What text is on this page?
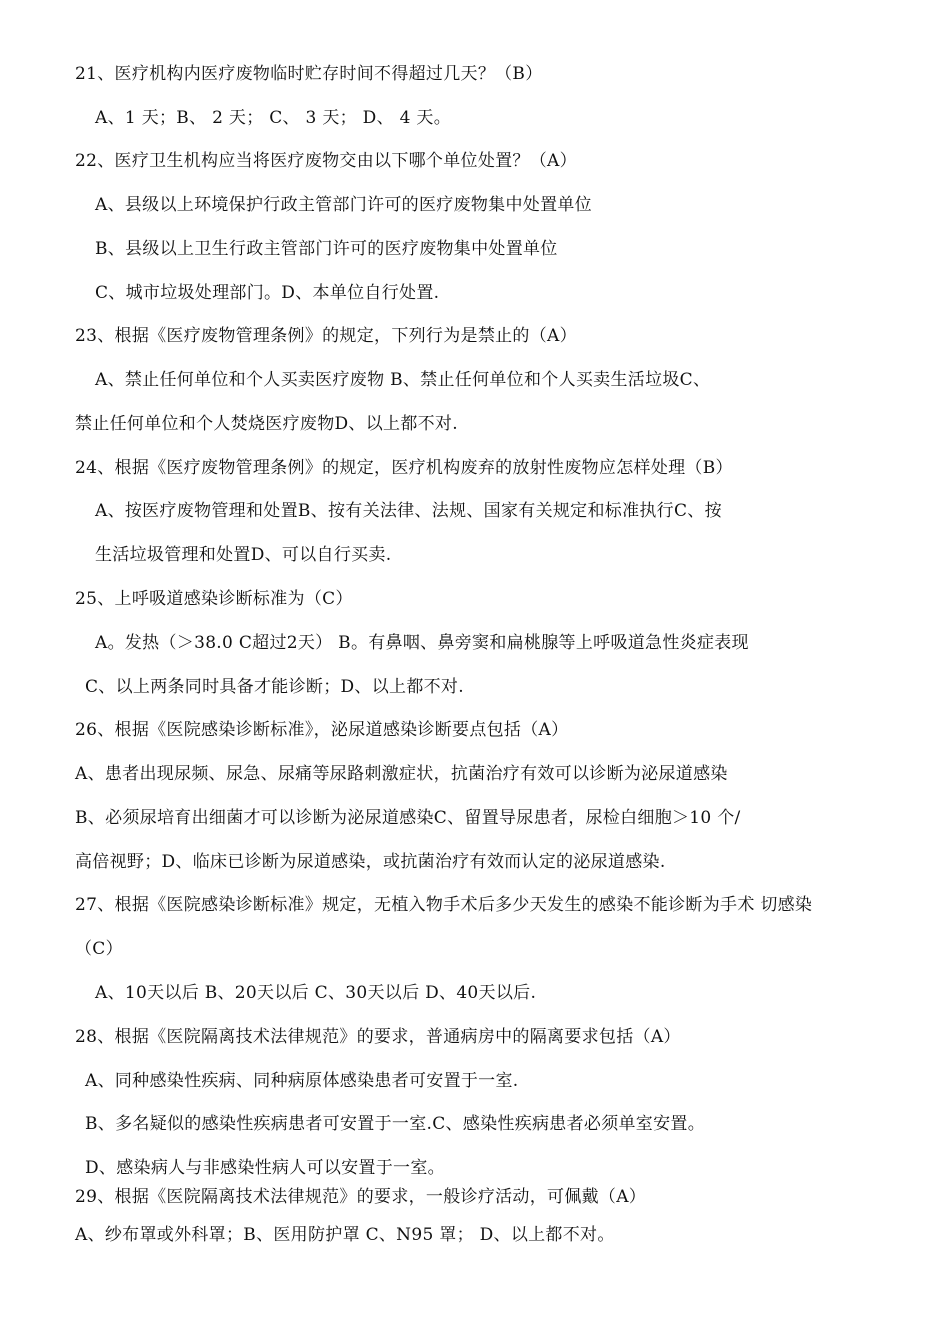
21、医疗机构内医疗废物临时贮存时间不得超过几天？（B）
A、1 天；B、 2 天； C、 3 天； D、 4 天。
22、医疗卫生机构应当将医疗废物交由以下哪个单位处置？（A）
A、县级以上环境保护行政主管部门许可的医疗废物集中处置单位
B、县级以上卫生行政主管部门许可的医疗废物集中处置单位
C、城市垃圾处理部门。D、本单位自行处置.
23、根据《医疗废物管理条例》的规定，下列行为是禁止的（A）
A、禁止任何单位和个人买卖医疗废物 B、禁止任何单位和个人买卖生活垃圾C、
禁止任何单位和个人焚烧医疗废物D、以上都不对.
24、根据《医疗废物管理条例》的规定，医疗机构废弃的放射性废物应怎样处理（B）
A、按医疗废物管理和处置B、按有关法律、法规、国家有关规定和标准执行C、按
生活垃圾管理和处置D、可以自行买卖.
25、上呼吸道感染诊断标准为（C）
A。发热（＞38.0 C超过2天） B。有鼻咽、鼻旁窦和扁桃腺等上呼吸道急性炎症表现
C、以上两条同时具备才能诊断；D、以上都不对.
26、根据《医院感染诊断标准》，泌尿道感染诊断要点包括（A）
A、患者出现尿频、尿急、尿痛等尿路刺激症状，抗菌治疗有效可以诊断为泌尿道感染
B、必须尿培育出细菌才可以诊断为泌尿道感染C、留置导尿患者，尿检白细胞＞10 个/
高倍视野；D、临床已诊断为尿道感染，或抗菌治疗有效而认定的泌尿道感染.
27、根据《医院感染诊断标准》规定，无植入物手术后多少天发生的感染不能诊断为手术 切感染
（C）
A、10天以后 B、20天以后 C、30天以后 D、40天以后.
28、根据《医院隔离技术法律规范》的要求，普通病房中的隔离要求包括（A）
A、同种感染性疾病、同种病原体感染患者可安置于一室.
B、多名疑似的感染性疾病患者可安置于一室.C、感染性疾病患者必须单室安置。
D、感染病人与非感染性病人可以安置于一室。
29、根据《医院隔离技术法律规范》的要求，一般诊疗活动，可佩戴（A）
A、纱布罩或外科罩；B、医用防护罩 C、N95 罩； D、以上都不对。
